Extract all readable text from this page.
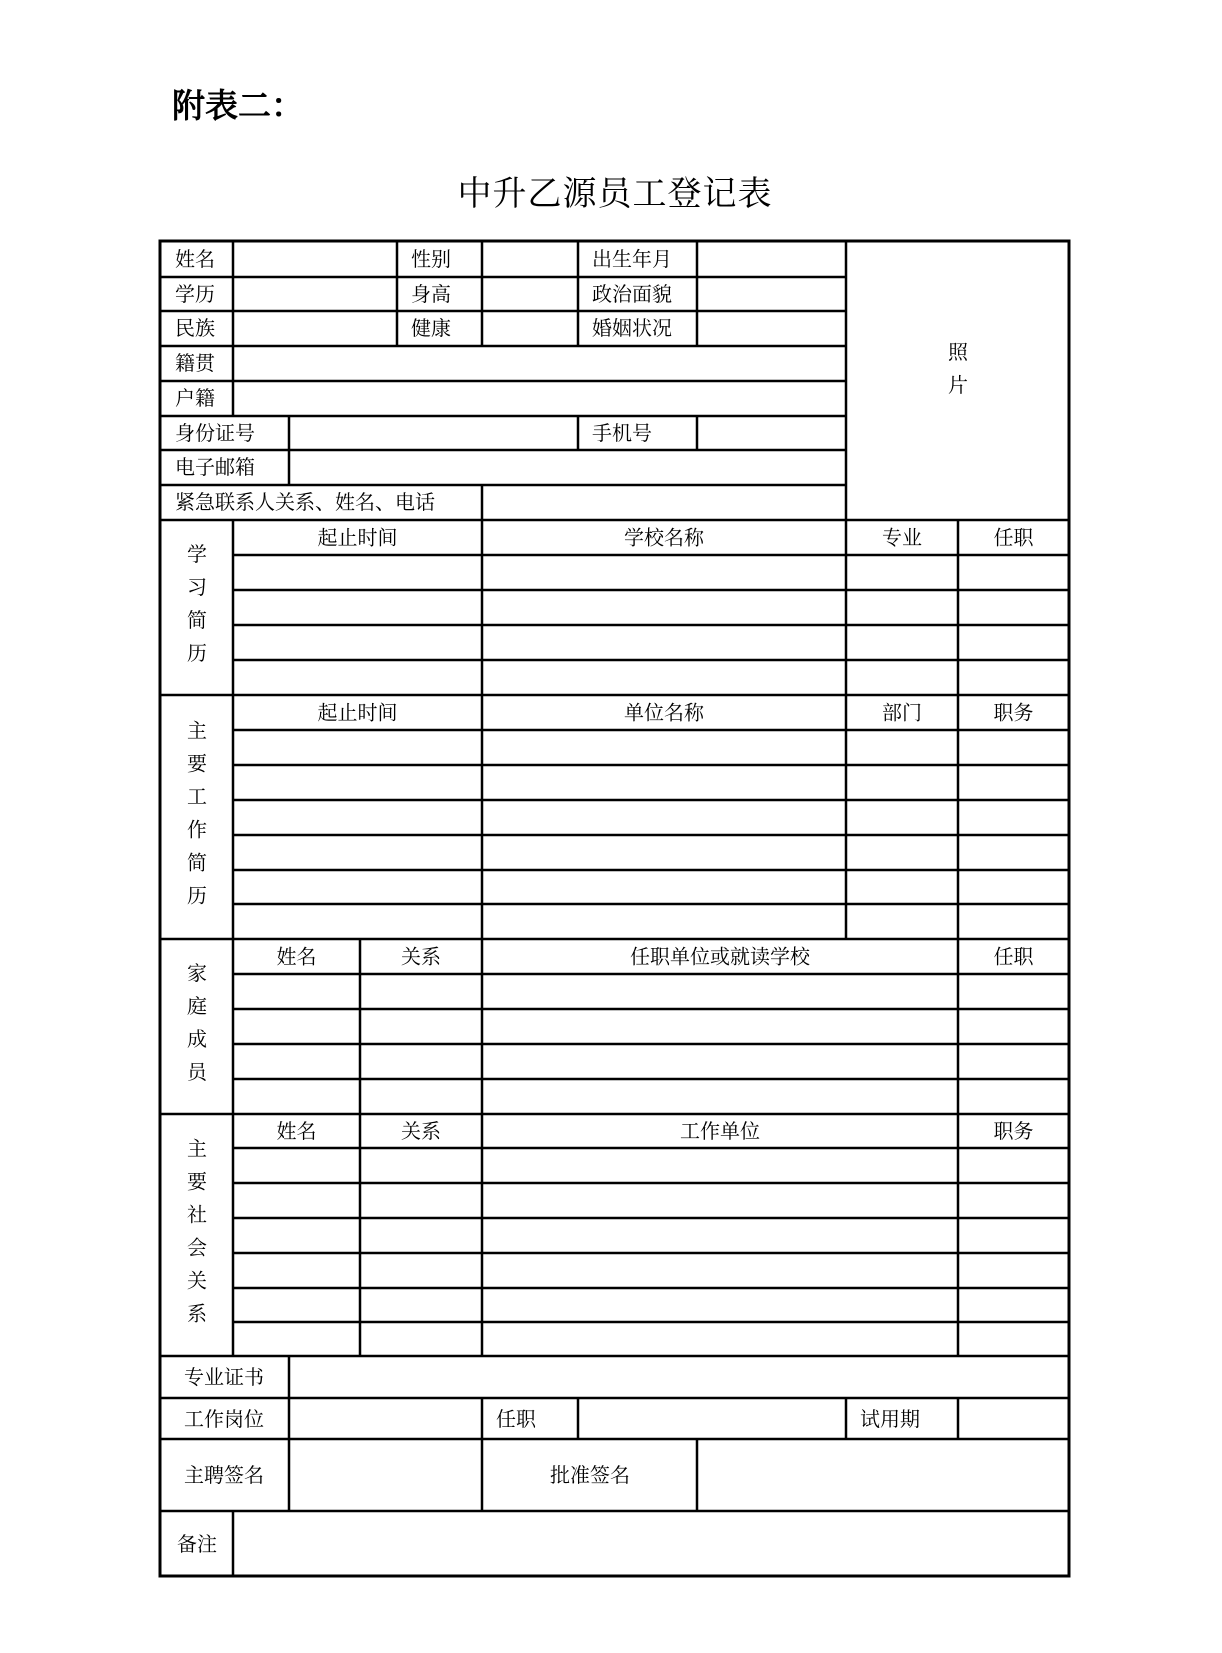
附表二：
中升乙源员工登记表
姓名	性别	出生年月
学历	身高	政治面貌
民族	健康	婚姻状况
籍贯
户籍
身份证号	手机号
电子邮箱
紧急联系人关系、姓名、电话
照片
学习简历
起止时间	学校名称	专业	任职
主要工作简历
起止时间	单位名称	部门	职务
家庭成员
姓名	关系	任职单位或就读学校	任职
主要社会关系
姓名	关系	工作单位	职务
专业证书
工作岗位	任职	试用期
主聘签名	批准签名
备注
